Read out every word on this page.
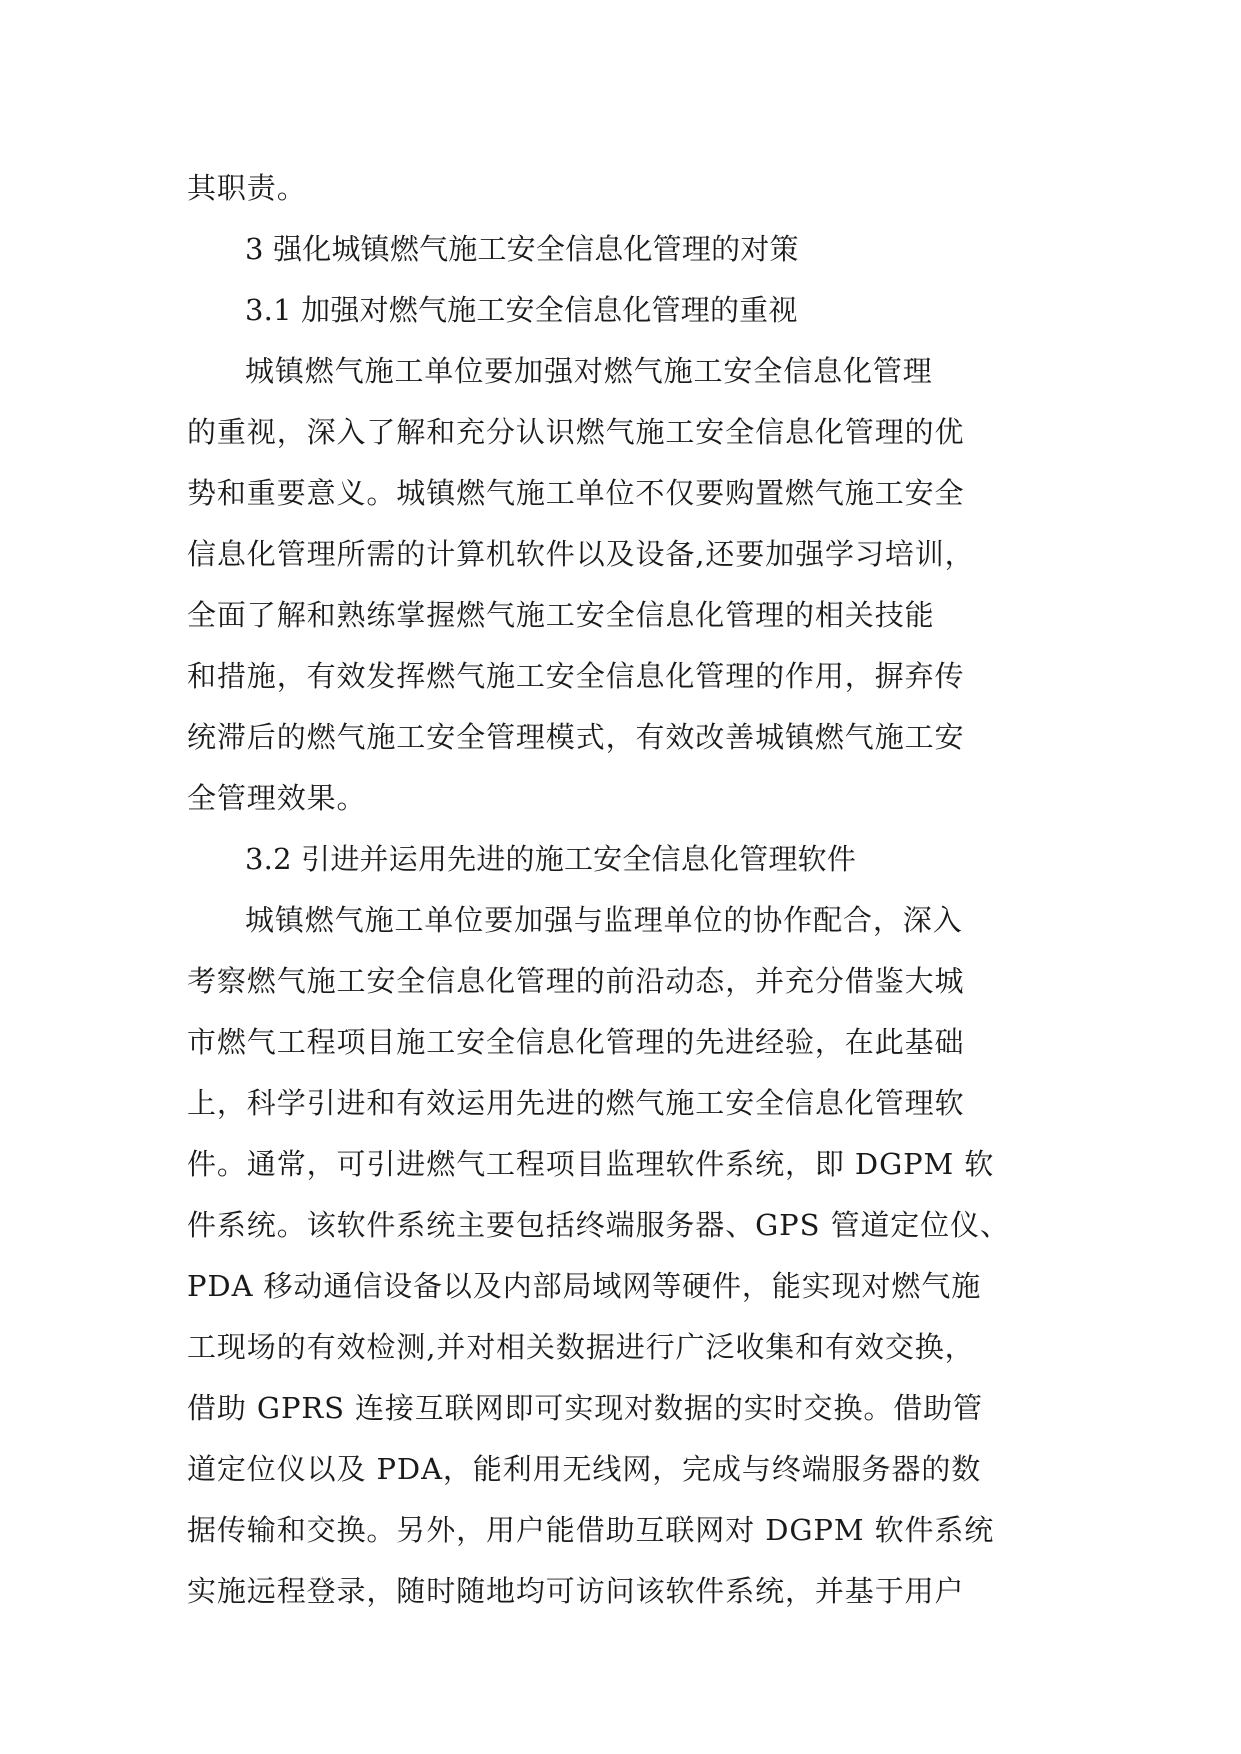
其职责。
3 强化城镇燃气施工安全信息化管理的对策
3.1 加强对燃气施工安全信息化管理的重视
城镇燃气施工单位要加强对燃气施工安全信息化管理
的重视，深入了解和充分认识燃气施工安全信息化管理的优
势和重要意义。城镇燃气施工单位不仅要购置燃气施工安全
信息化管理所需的计算机软件以及设备,还要加强学习培训，
全面了解和熟练掌握燃气施工安全信息化管理的相关技能
和措施，有效发挥燃气施工安全信息化管理的作用，摒弃传
统滞后的燃气施工安全管理模式，有效改善城镇燃气施工安
全管理效果。
3.2 引进并运用先进的施工安全信息化管理软件
城镇燃气施工单位要加强与监理单位的协作配合，深入
考察燃气施工安全信息化管理的前沿动态，并充分借鉴大城
市燃气工程项目施工安全信息化管理的先进经验，在此基础
上，科学引进和有效运用先进的燃气施工安全信息化管理软
件。通常，可引进燃气工程项目监理软件系统，即 DGPM 软
件系统。该软件系统主要包括终端服务器、GPS 管道定位仪、
PDA 移动通信设备以及内部局域网等硬件，能实现对燃气施
工现场的有效检测,并对相关数据进行广泛收集和有效交换，
借助 GPRS 连接互联网即可实现对数据的实时交换。借助管
道定位仪以及 PDA，能利用无线网，完成与终端服务器的数
据传输和交换。另外，用户能借助互联网对 DGPM 软件系统
实施远程登录，随时随地均可访问该软件系统，并基于用户
